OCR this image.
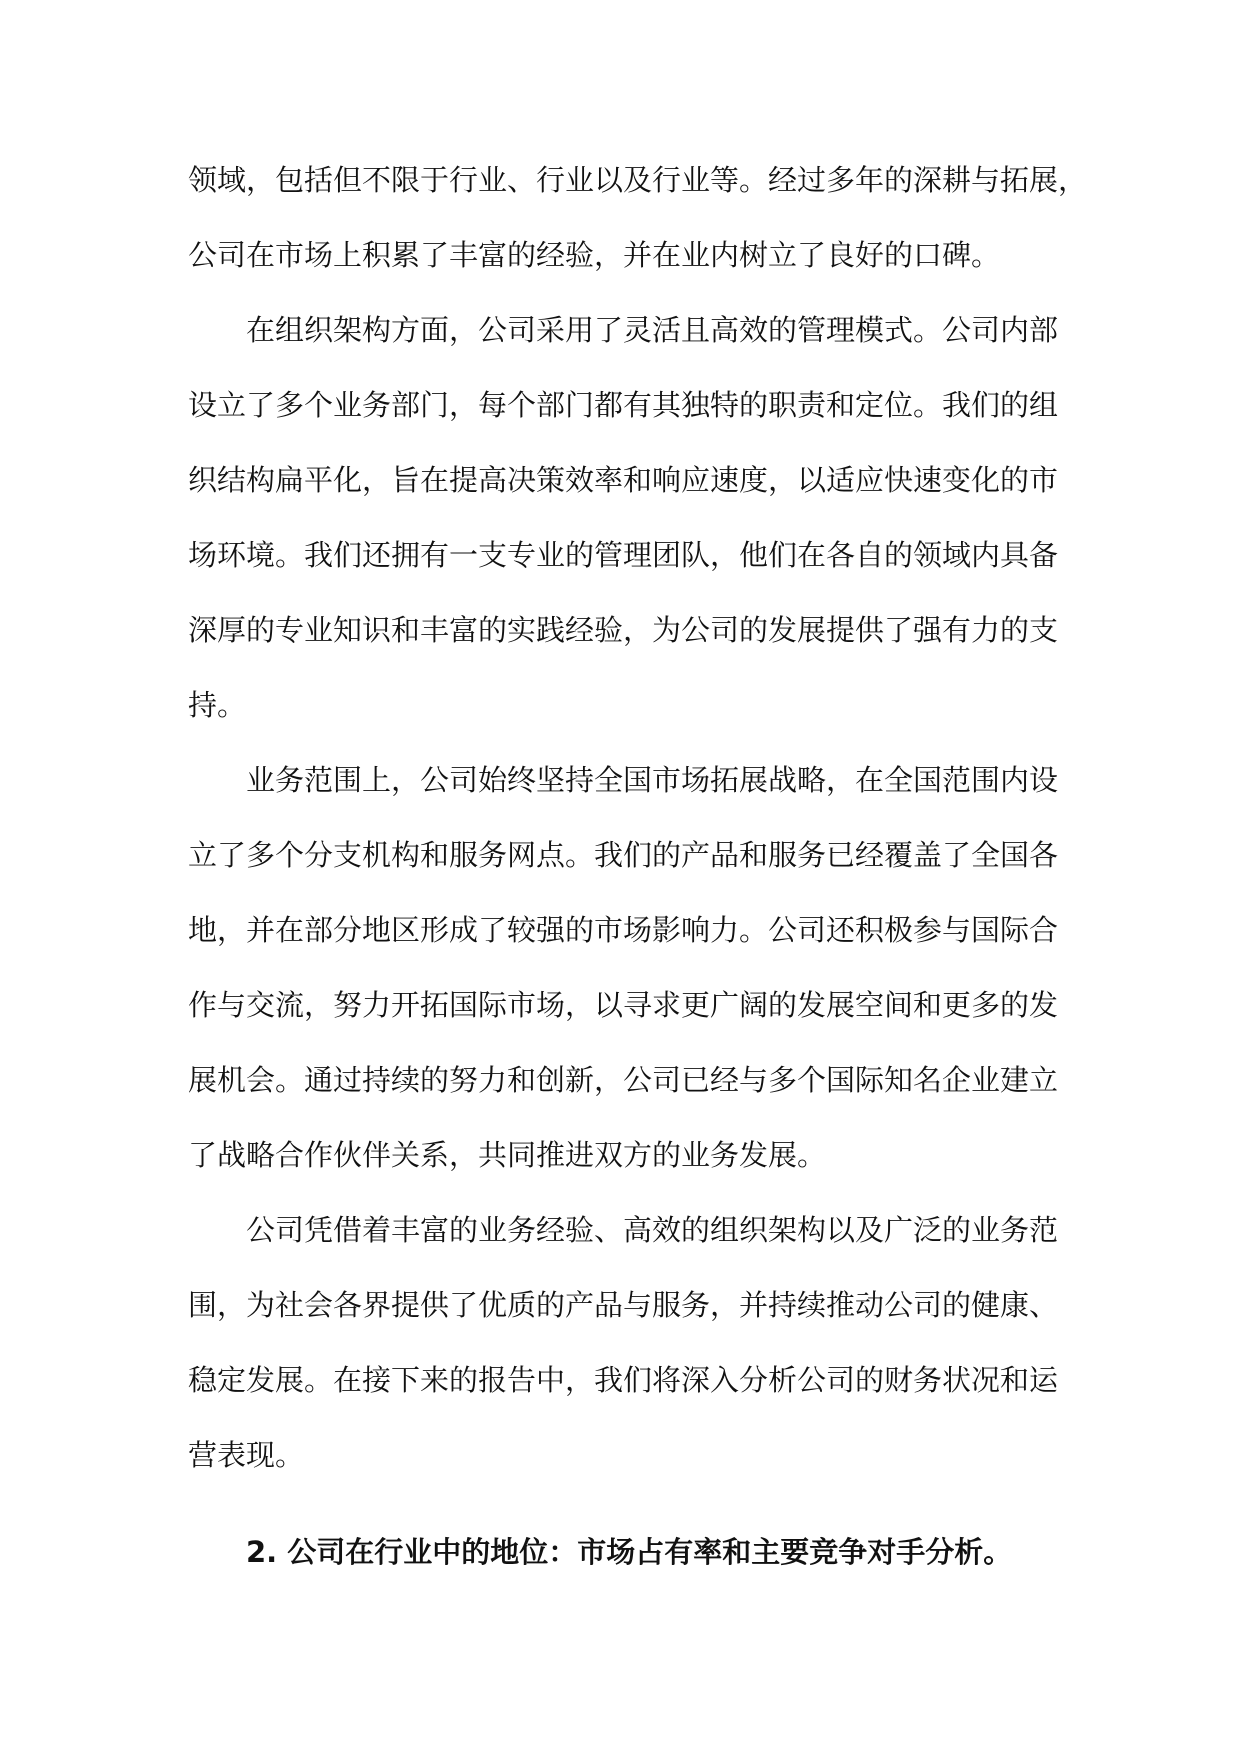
领域，包括但不限于行业、行业以及行业等。经过多年的深耕与拓展，
公司在市场上积累了丰富的经验，并在业内树立了良好的口碑。
在组织架构方面，公司采用了灵活且高效的管理模式。公司内部
设立了多个业务部门，每个部门都有其独特的职责和定位。我们的组
织结构扁平化，旨在提高决策效率和响应速度，以适应快速变化的市
场环境。我们还拥有一支专业的管理团队，他们在各自的领域内具备
深厚的专业知识和丰富的实践经验，为公司的发展提供了强有力的支
持。
业务范围上，公司始终坚持全国市场拓展战略，在全国范围内设
立了多个分支机构和服务网点。我们的产品和服务已经覆盖了全国各
地，并在部分地区形成了较强的市场影响力。公司还积极参与国际合
作与交流，努力开拓国际市场，以寻求更广阔的发展空间和更多的发
展机会。通过持续的努力和创新，公司已经与多个国际知名企业建立
了战略合作伙伴关系，共同推进双方的业务发展。
公司凭借着丰富的业务经验、高效的组织架构以及广泛的业务范
围，为社会各界提供了优质的产品与服务，并持续推动公司的健康、
稳定发展。在接下来的报告中，我们将深入分析公司的财务状况和运
营表现。
2. 公司在行业中的地位：市场占有率和主要竞争对手分析。
